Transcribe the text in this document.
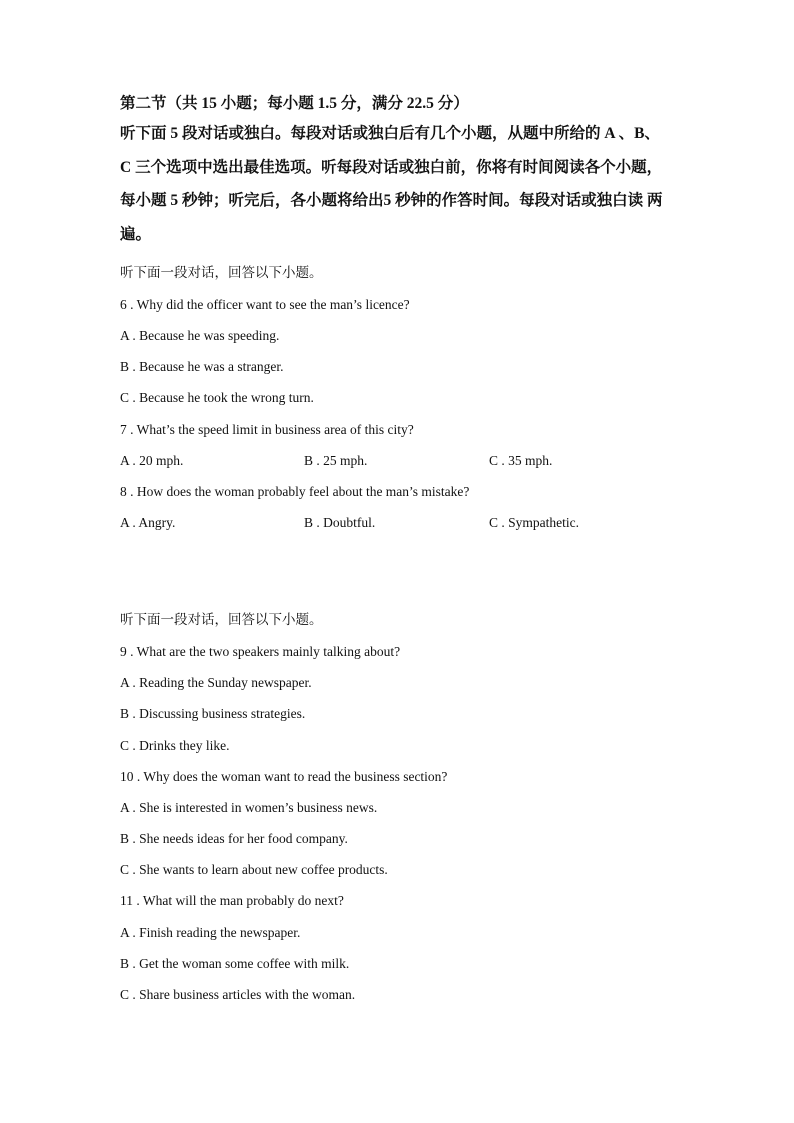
第二节（共 15 小题；每小题 1.5 分，满分 22.5 分）
听下面 5 段对话或独白。每段对话或独白后有几个小题，从题中所给的 A 、B、
C 三个选项中选出最佳选项。听每段对话或独白前，你将有时间阅读各个小题，
每小题 5 秒钟；听完后，各小题将给出5 秒钟的作答时间。每段对话或独白读 两
遍。
听下面一段对话，回答以下小题。
6 . Why did the officer want to see the man’s licence?
A . Because he was speeding.
B . Because he was a stranger.
C . Because he took the wrong turn.
7 . What’s the speed limit in business area of this city?
A . 20 mph.	B . 25 mph.	C . 35 mph.
8 . How does the woman probably feel about the man’s mistake?
A . Angry.	B . Doubtful.	C . Sympathetic.
听下面一段对话，回答以下小题。
9 . What are the two speakers mainly talking about?
A . Reading the Sunday newspaper.
B . Discussing business strategies.
C . Drinks they like.
10 . Why does the woman want to read the business section?
A . She is interested in women’s business news.
B . She needs ideas for her food company.
C . She wants to learn about new coffee products.
11 . What will the man probably do next?
A . Finish reading the newspaper.
B . Get the woman some coffee with milk.
C . Share business articles with the woman.
